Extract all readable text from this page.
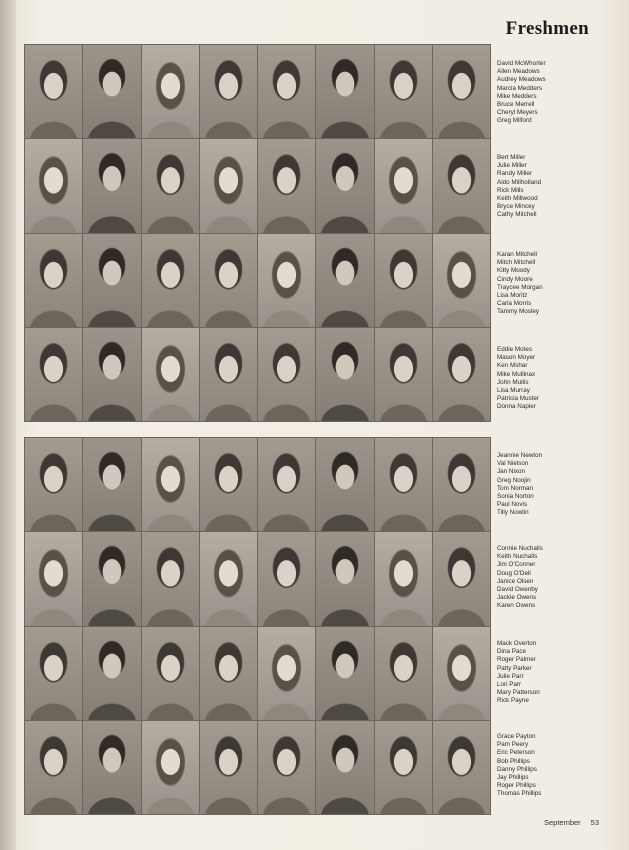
Freshmen
David McWhorter
Allen Meadows
Audrey Meadows
Marcia Medders
Mike Medders
Bruce Merrell
Cheryl Meyers
Greg Milford
Bert Miller
Julie Miller
Randy Miller
Aldo Millholland
Rick Mills
Keith Millwood
Bryce Mincey
Cathy Mitchell
Karan Mitchell
Mitch Mitchell
Kitty Moody
Cindy Moore
Traycee Morgan
Lisa Moritz
Carla Morris
Tammy Mosley
Eddie Motes
Mason Moyer
Ken Mshar
Mike Mullinax
John Mullis
Lisa Murray
Patricia Muster
Donna Napier
Jeannie Newton
Val Nielson
Jan Nixon
Greg Noojin
Tom Norman
Sonia Norton
Paul Novis
Tilly Nowlin
Connie Nuchalls
Keith Nuchalls
Jim O'Conner
Doug O'Dell
Janice Olsen
David Owenby
Jackie Owens
Karen Owens
Mack Overton
Dina Pace
Roger Palmer
Patty Parker
Julie Parr
Lori Parr
Mary Patterson
Rick Payne
Grace Payton
Pam Peery
Eric Peterson
Bob Phillips
Danny Phillips
Jay Phillips
Roger Phillips
Thomas Phillips
September 53
